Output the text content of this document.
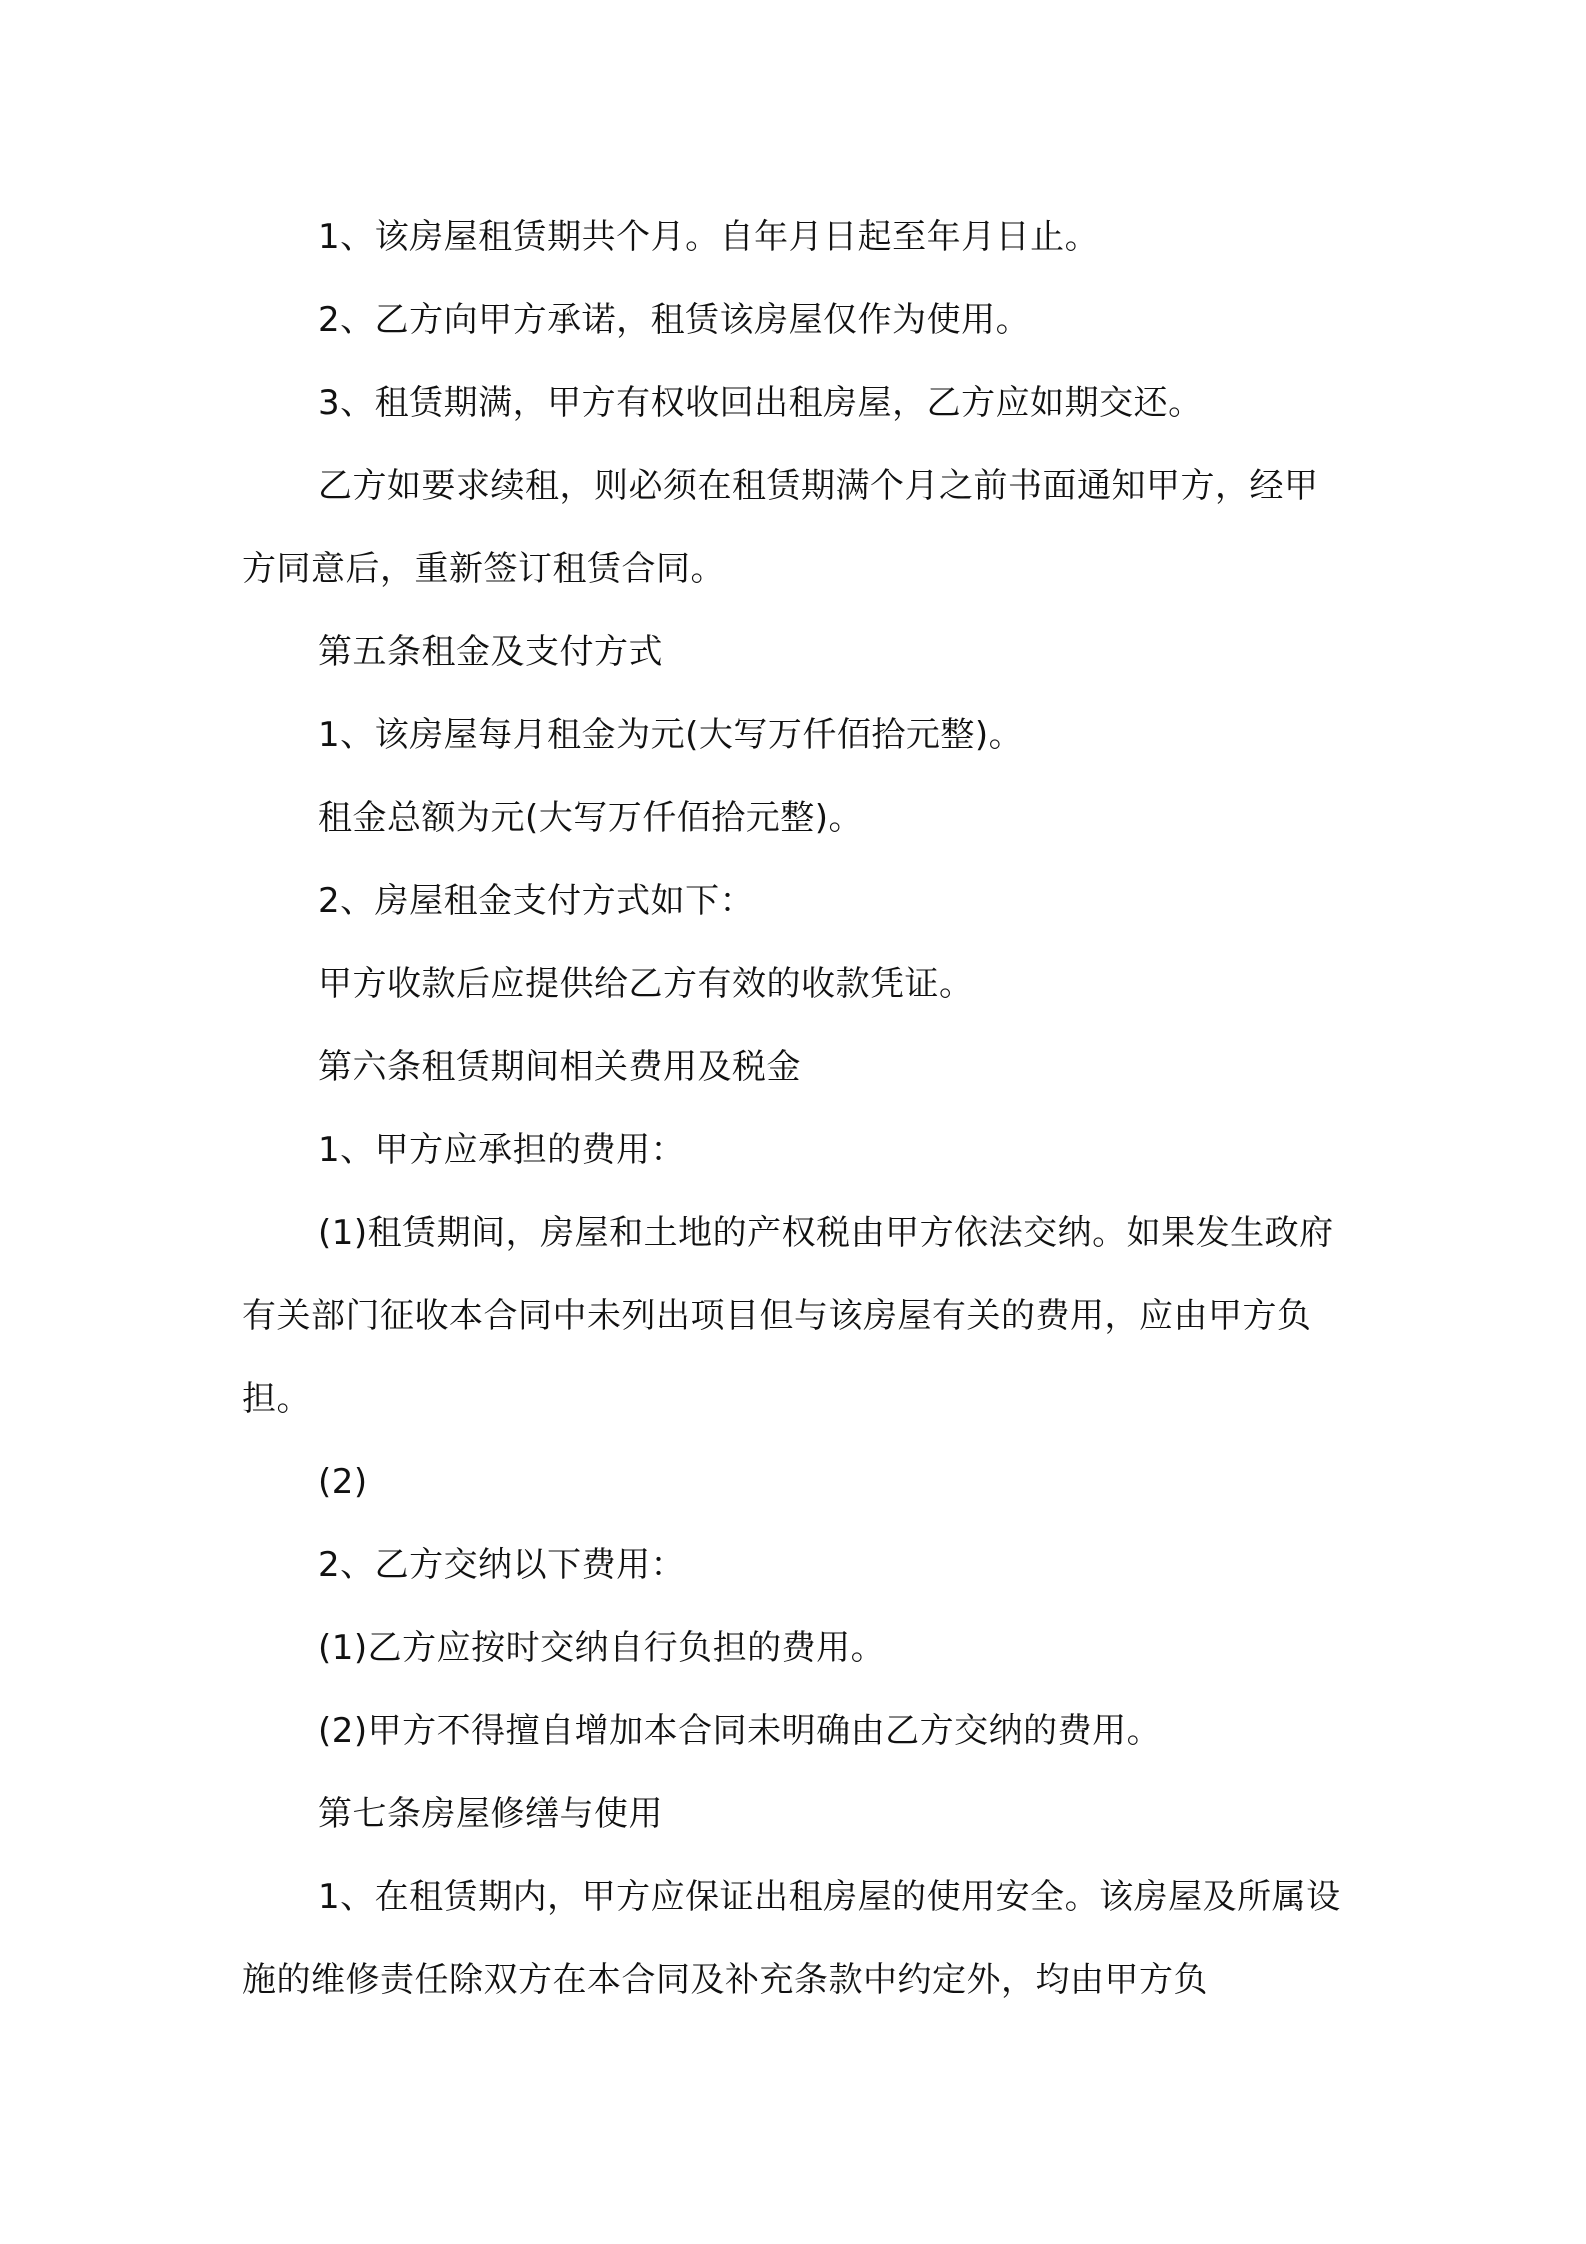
1、该房屋租赁期共个月。自年月日起至年月日止。

2、乙方向甲方承诺，租赁该房屋仅作为使用。

3、租赁期满，甲方有权收回出租房屋，乙方应如期交还。

乙方如要求续租，则必须在租赁期满个月之前书面通知甲方，经甲方同意后，重新签订租赁合同。

第五条租金及支付方式

1、该房屋每月租金为元(大写万仟佰拾元整)。

租金总额为元(大写万仟佰拾元整)。

2、房屋租金支付方式如下：

甲方收款后应提供给乙方有效的收款凭证。

第六条租赁期间相关费用及税金

1、甲方应承担的费用：

(1)租赁期间，房屋和土地的产权税由甲方依法交纳。如果发生政府有关部门征收本合同中未列出项目但与该房屋有关的费用，应由甲方负担。

(2)

2、乙方交纳以下费用：

(1)乙方应按时交纳自行负担的费用。

(2)甲方不得擅自增加本合同未明确由乙方交纳的费用。

第七条房屋修缮与使用

1、在租赁期内，甲方应保证出租房屋的使用安全。该房屋及所属设施的维修责任除双方在本合同及补充条款中约定外，均由甲方负
